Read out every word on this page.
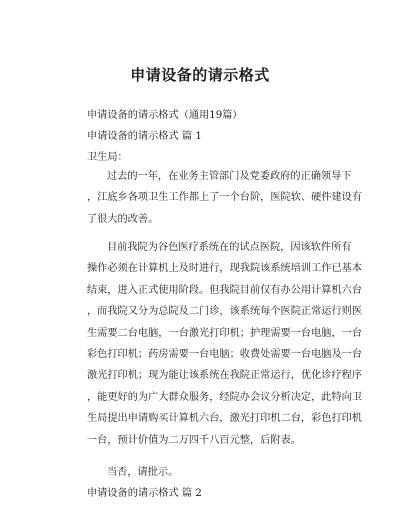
申请设备的请示格式
申请设备的请示格式（通用19篇）
申请设备的请示格式 篇 1
卫生局：
过去的一年，在业务主管部门及党委政府的正确领导下
，江底乡各项卫生工作都上了一个台阶，医院软、硬件建设有
了很大的改善。
目前我院为谷色医疗系统在的试点医院，因该软件所有
操作必须在计算机上及时进行，现我院该系统培训工作已基本
结束，进入正式使用阶段。但我院目前仅有办公用计算机六台
，而我院又分为总院及二门诊，该系统每个医院正常运行则医
生需要二台电脑，一台激光打印机；护理需要一台电脑，一台
彩色打印机；药房需要一台电脑；收费处需要一台电脑及一台
激光打印机；现为能让该系统在我院正常运行，优化诊疗程序
，能更好的为广大群众服务，经院办会议分析决定，此特向卫
生局提出申请购买计算机六台，激光打印机二台，彩色打印机
一台，预计价值为二万四千八百元整，后附表。
当否，请批示。
申请设备的请示格式 篇 2
